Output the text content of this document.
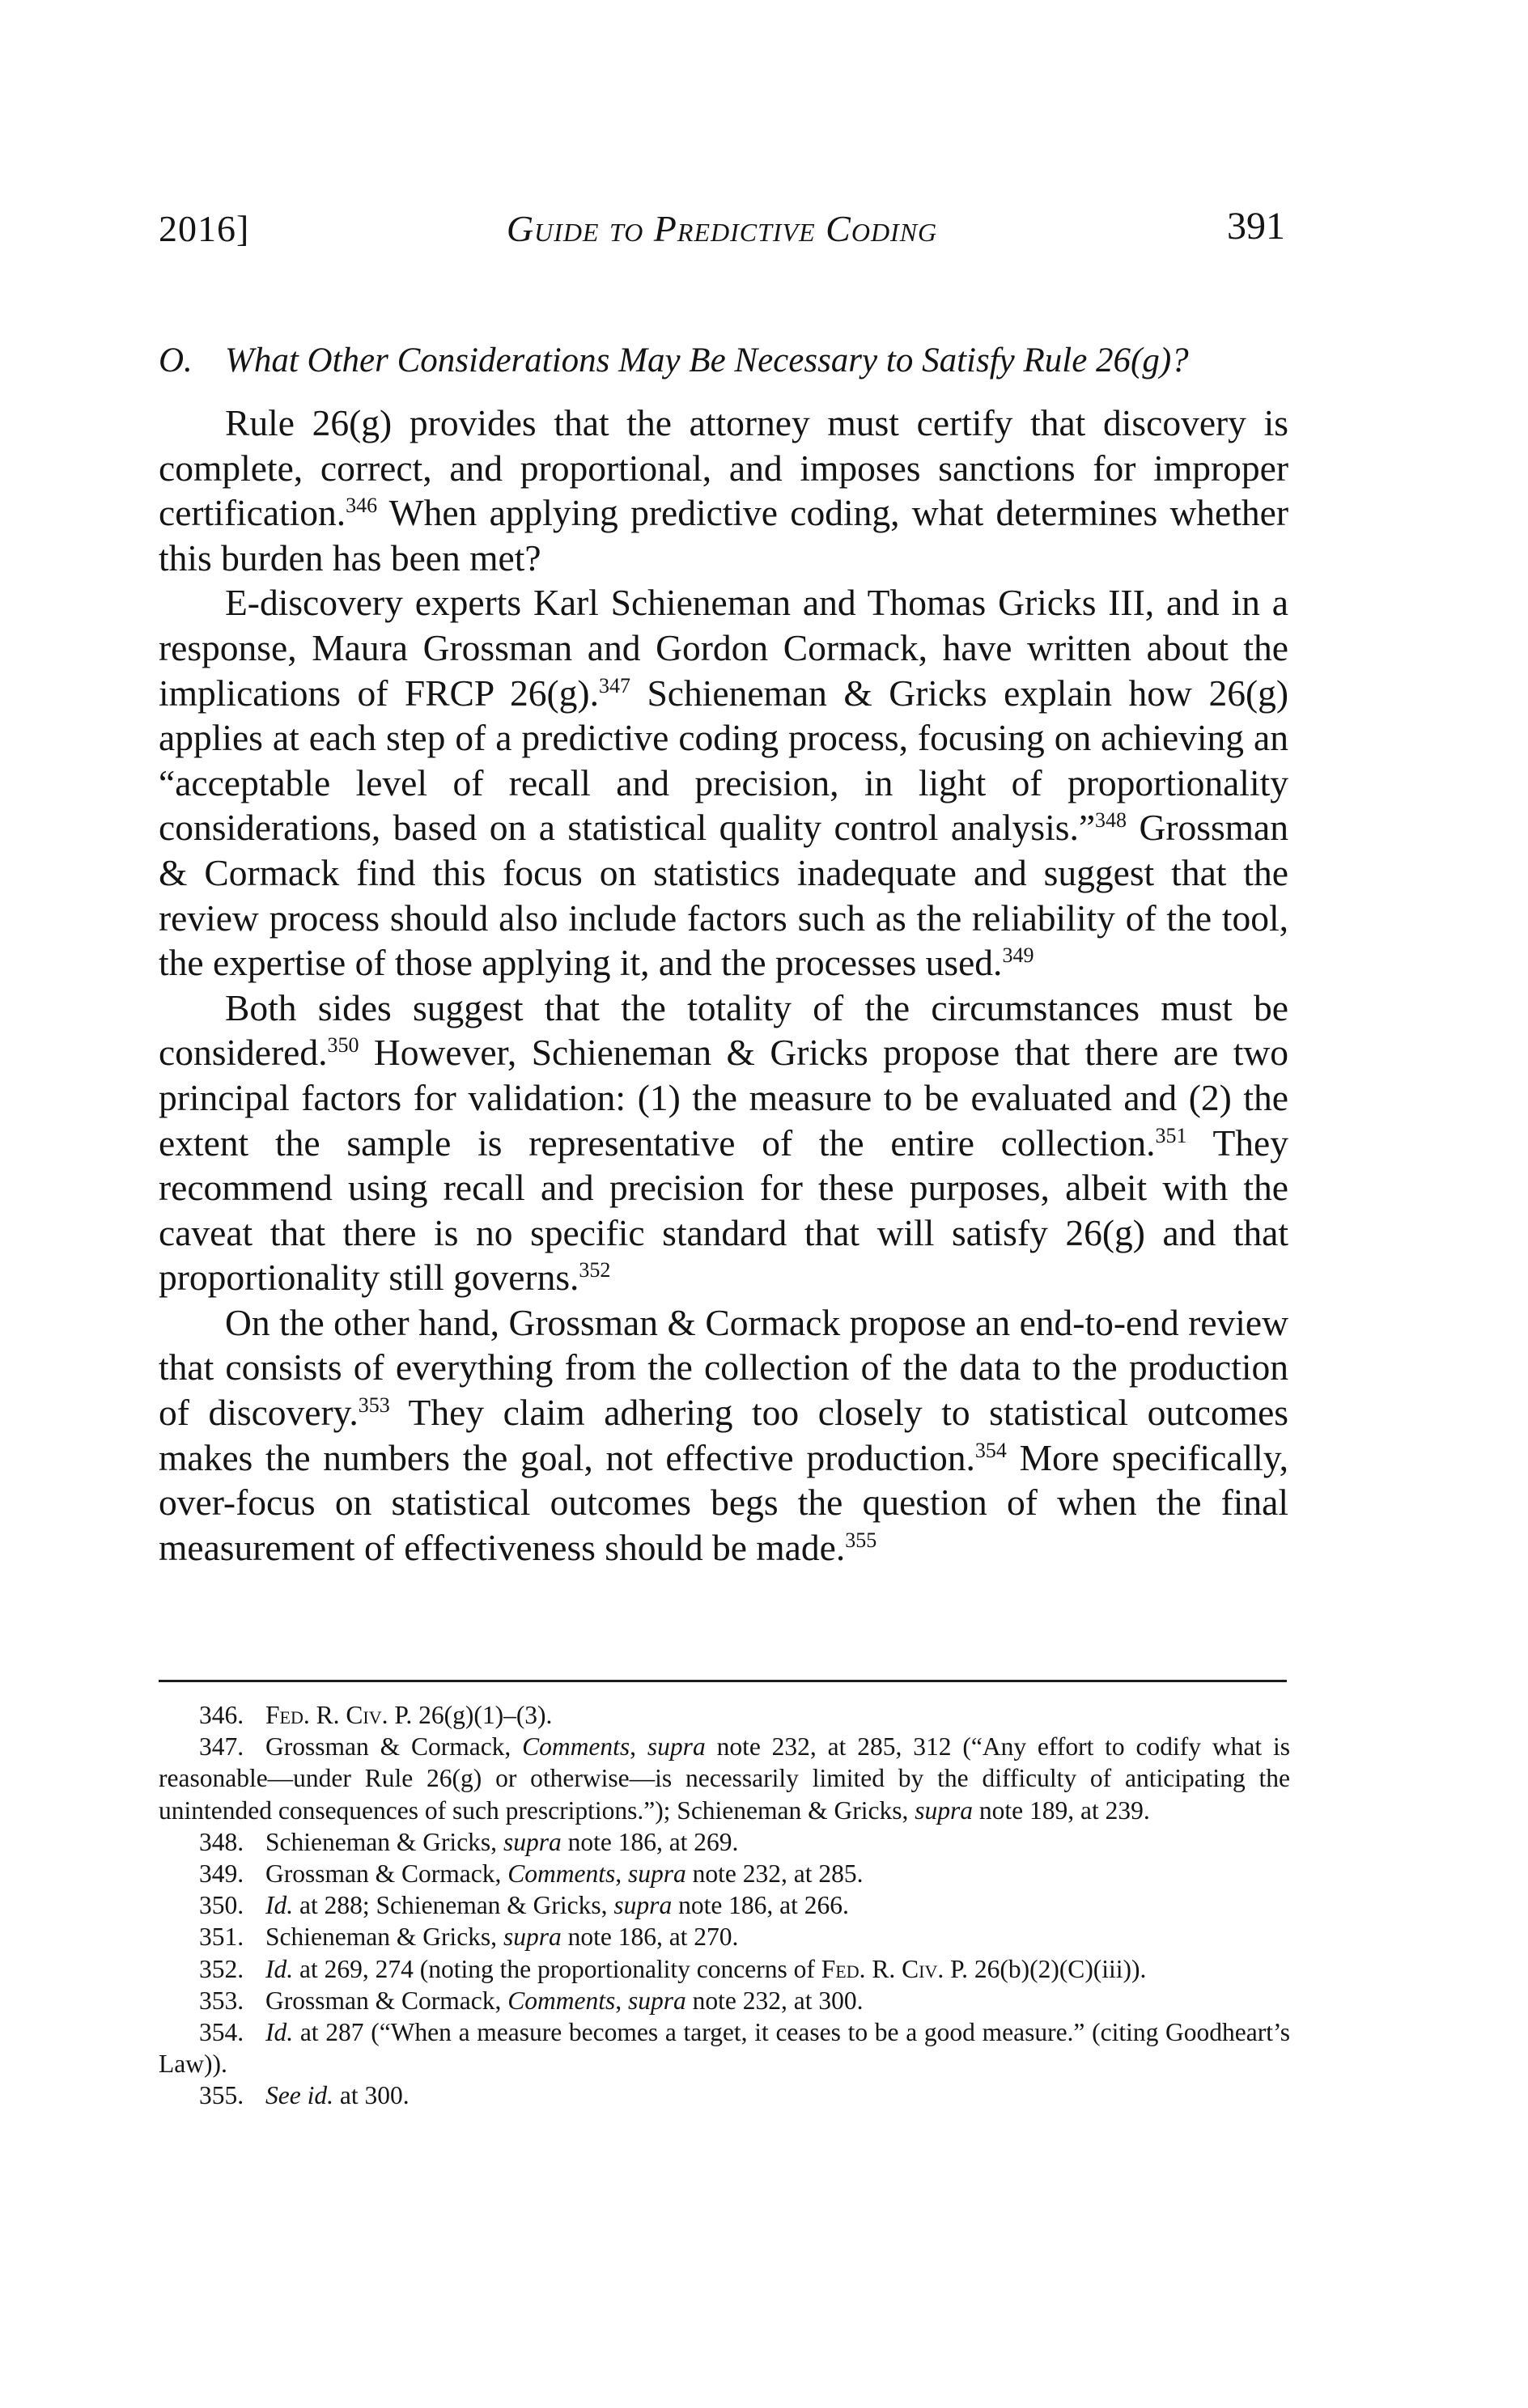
2016]	Guide to Predictive Coding	391
O. What Other Considerations May Be Necessary to Satisfy Rule 26(g)?

Rule 26(g) provides that the attorney must certify that discovery is complete, correct, and proportional, and imposes sanctions for improper certification.$^{346}$ When applying predictive coding, what determines whether this burden has been met?

E-discovery experts Karl Schieneman and Thomas Gricks III, and in a response, Maura Grossman and Gordon Cormack, have written about the implications of FRCP 26(g).$^{347}$ Schieneman & Gricks explain how 26(g) applies at each step of a predictive coding process, focusing on achieving an “acceptable level of recall and precision, in light of proportionality considerations, based on a statistical quality control analysis.”$^{348}$ Grossman & Cormack find this focus on statistics inadequate and suggest that the review process should also include factors such as the reliability of the tool, the expertise of those applying it, and the processes used.$^{349}$

Both sides suggest that the totality of the circumstances must be considered.$^{350}$ However, Schieneman & Gricks propose that there are two principal factors for validation: (1) the measure to be evaluated and (2) the extent the sample is representative of the entire collection.$^{351}$ They recommend using recall and precision for these purposes, albeit with the caveat that there is no specific standard that will satisfy 26(g) and that proportionality still governs.$^{352}$

On the other hand, Grossman & Cormack propose an end-to-end review that consists of everything from the collection of the data to the production of discovery.$^{353}$ They claim adhering too closely to statistical outcomes makes the numbers the goal, not effective production.$^{354}$ More specifically, over-focus on statistical outcomes begs the question of when the final measurement of effectiveness should be made.$^{355}$

346. Fed. R. Civ. P. 26(g)(1)–(3).

347. Grossman & Cormack, Comments, supra note 232, at 285, 312 (“Any effort to codify what is reasonable—under Rule 26(g) or otherwise—is necessarily limited by the difficulty of anticipating the unintended consequences of such prescriptions.”); Schieneman & Gricks, supra note 189, at 239.

348. Schieneman & Gricks, supra note 186, at 269.

349. Grossman & Cormack, Comments, supra note 232, at 285.

350. Id. at 288; Schieneman & Gricks, supra note 186, at 266.

351. Schieneman & Gricks, supra note 186, at 270.

352. Id. at 269, 274 (noting the proportionality concerns of Fed. R. Civ. P. 26(b)(2)(C)(iii)).

353. Grossman & Cormack, Comments, supra note 232, at 300.

354. Id. at 287 (“When a measure becomes a target, it ceases to be a good measure.” (citing Goodheart’s Law)).

355. See id. at 300.
